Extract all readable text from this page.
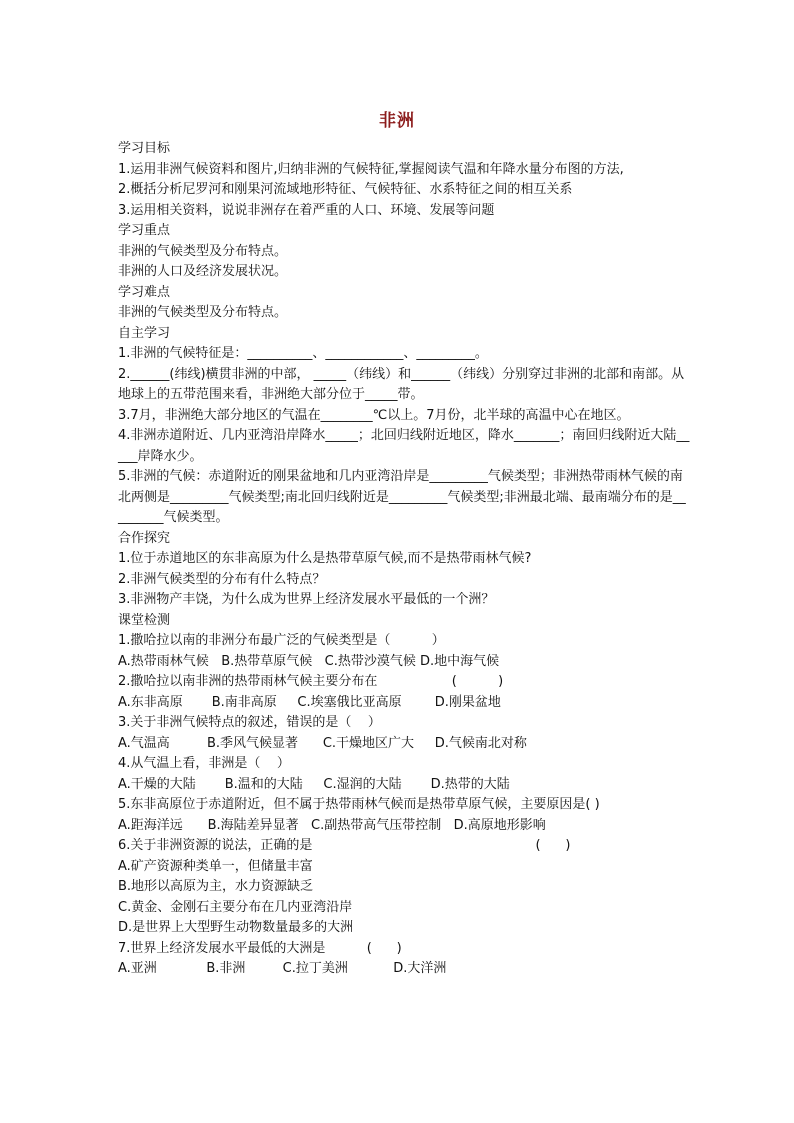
非洲
学习目标
1.运用非洲气候资料和图片,归纳非洲的气候特征,掌握阅读气温和年降水量分布图的方法,
2.概括分析尼罗河和刚果河流域地形特征、气候特征、水系特征之间的相互关系
3.运用相关资料，说说非洲存在着严重的人口、环境、发展等问题
学习重点
非洲的气候类型及分布特点。
非洲的人口及经济发展状况。
学习难点
非洲的气候类型及分布特点。
自主学习
1.非洲的气候特征是：__________、____________、_________。
2.______(纬线)横贯非洲的中部， _____（纬线）和______（纬线）分别穿过非洲的北部和南部。从地球上的五带范围来看，非洲绝大部分位于_____带。
3.7月，非洲绝大部分地区的气温在________℃以上。7月份，北半球的高温中心在地区。
4.非洲赤道附近、几内亚湾沿岸降水_____；北回归线附近地区，降水_______；南回归线附近大陆_____岸降水少。
5.非洲的气候：赤道附近的刚果盆地和几内亚湾沿岸是_________气候类型；非洲热带雨林气候的南北两侧是_________气候类型;南北回归线附近是_________气候类型;非洲最北端、最南端分布的是_________气候类型。
合作探究
1.位于赤道地区的东非高原为什么是热带草原气候,而不是热带雨林气候?
2.非洲气候类型的分布有什么特点？
3.非洲物产丰饶，为什么成为世界上经济发展水平最低的一个洲？
课堂检测
1.撒哈拉以南的非洲分布最广泛的气候类型是（          ）
A.热带雨林气候   B.热带草原气候   C.热带沙漠气候 D.地中海气候
2.撒哈拉以南非洲的热带雨林气候主要分布在                  (          )
A.东非高原       B.南非高原     C.埃塞俄比亚高原        D.刚果盆地
3.关于非洲气候特点的叙述，错误的是（    ）
A.气温高         B.季风气候显著      C.干燥地区广大     D.气候南北对称
4.从气温上看，非洲是（    ）
A.干燥的大陆       B.温和的大陆     C.湿润的大陆       D.热带的大陆
5.东非高原位于赤道附近，但不属于热带雨林气候而是热带草原气候，主要原因是( )
A.距海洋远      B.海陆差异显著   C.副热带高气压带控制   D.高原地形影响
6.关于非洲资源的说法，正确的是                                                      (      )
A.矿产资源种类单一，但储量丰富
B.地形以高原为主，水力资源缺乏
C.黄金、金刚石主要分布在几内亚湾沿岸
D.是世界上大型野生动物数量最多的大洲
7.世界上经济发展水平最低的大洲是          (      )
A.亚洲            B.非洲         C.拉丁美洲           D.大洋洲
